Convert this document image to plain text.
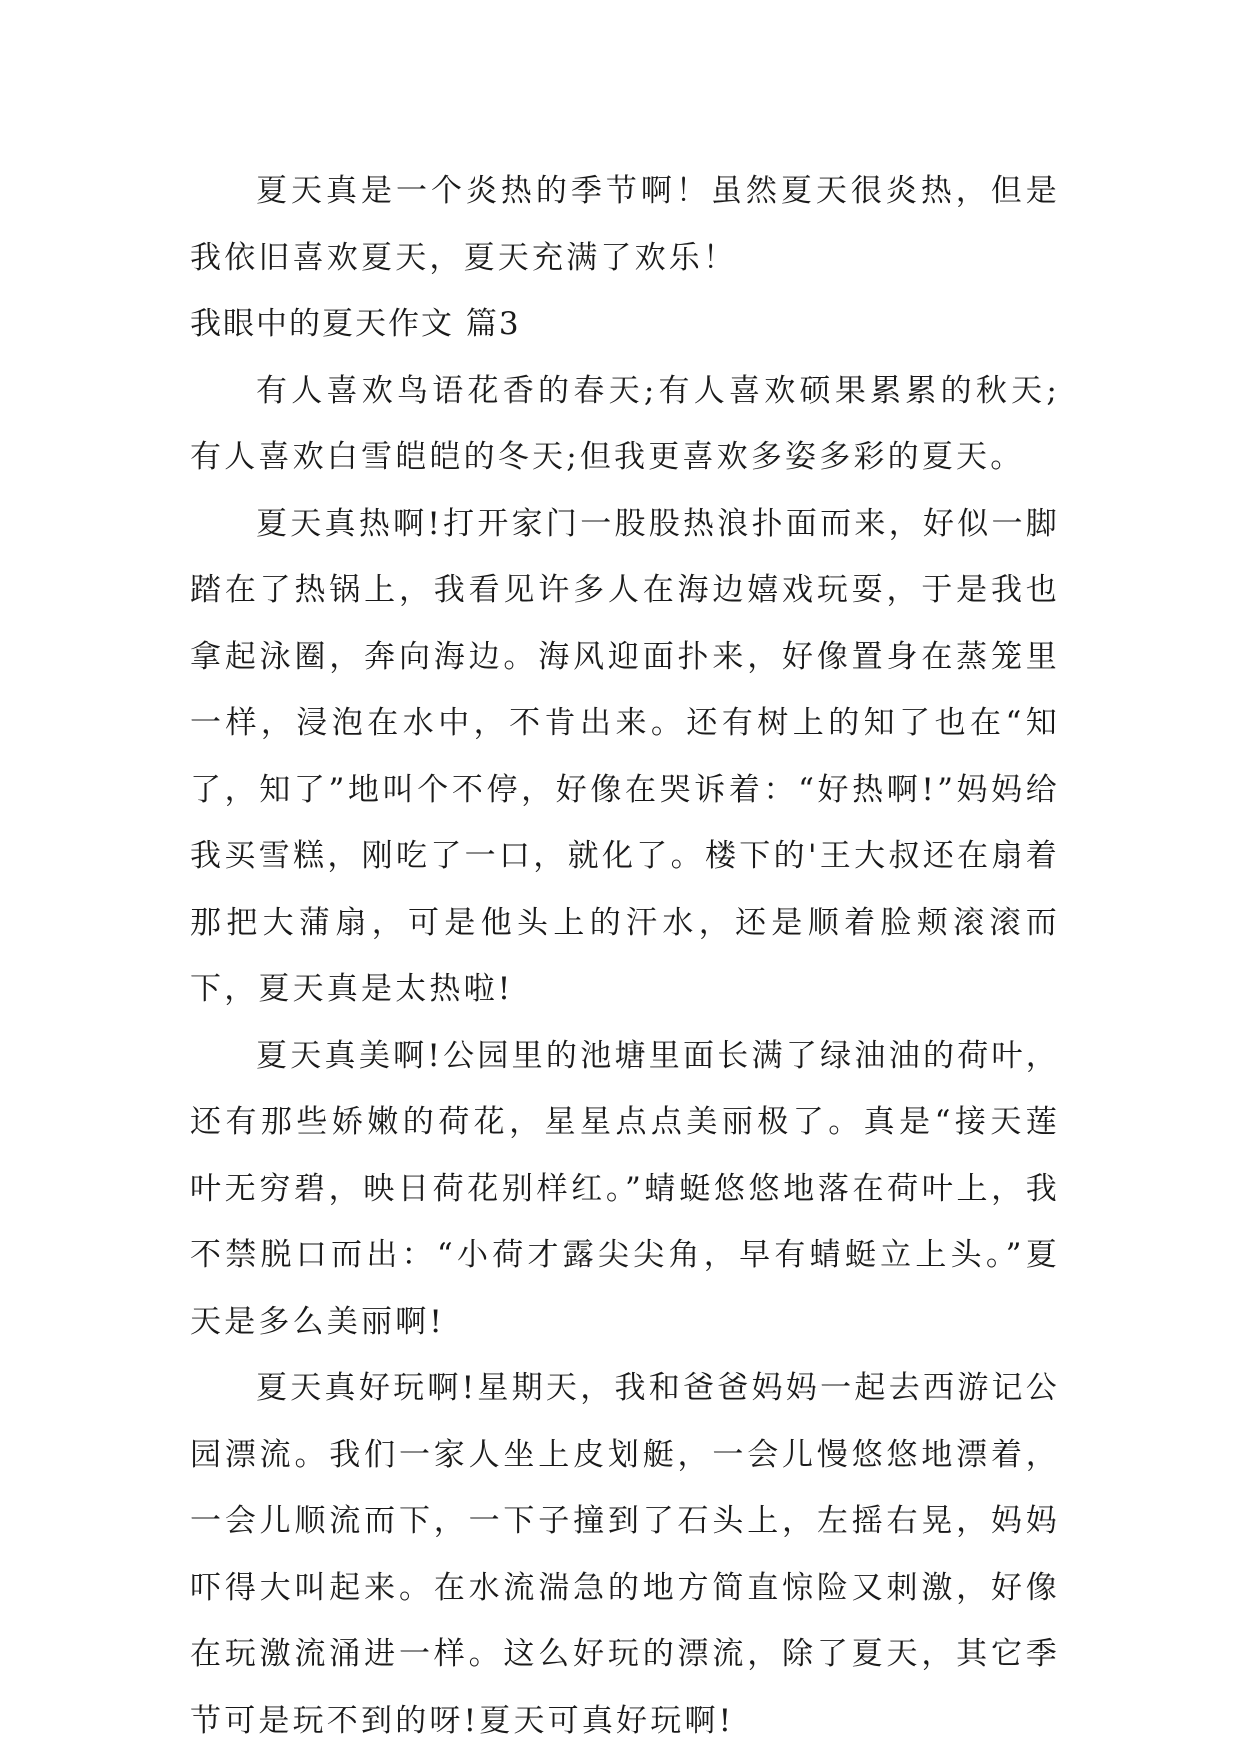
夏天真是一个炎热的季节啊！虽然夏天很炎热，但是我依旧喜欢夏天，夏天充满了欢乐！

我眼中的夏天作文 篇3

有人喜欢鸟语花香的春天;有人喜欢硕果累累的秋天;有人喜欢白雪皑皑的冬天;但我更喜欢多姿多彩的夏天。

夏天真热啊!打开家门一股股热浪扑面而来，好似一脚踏在了热锅上，我看见许多人在海边嬉戏玩耍，于是我也拿起泳圈，奔向海边。海风迎面扑来，好像置身在蒸笼里一样，浸泡在水中，不肯出来。还有树上的知了也在“知了，知了”地叫个不停，好像在哭诉着：“好热啊!”妈妈给我买雪糕，刚吃了一口，就化了。楼下的'王大叔还在扇着那把大蒲扇，可是他头上的汗水，还是顺着脸颊滚滚而下，夏天真是太热啦!

夏天真美啊!公园里的池塘里面长满了绿油油的荷叶，还有那些娇嫩的荷花，星星点点美丽极了。真是“接天莲叶无穷碧，映日荷花别样红。”蜻蜓悠悠地落在荷叶上，我不禁脱口而出：“小荷才露尖尖角，早有蜻蜓立上头。”夏天是多么美丽啊!

夏天真好玩啊!星期天，我和爸爸妈妈一起去西游记公园漂流。我们一家人坐上皮划艇，一会儿慢悠悠地漂着，一会儿顺流而下，一下子撞到了石头上，左摇右晃，妈妈吓得大叫起来。在水流湍急的地方简直惊险又刺激，好像在玩激流涌进一样。这么好玩的漂流，除了夏天，其它季节可是玩不到的呀!夏天可真好玩啊!
